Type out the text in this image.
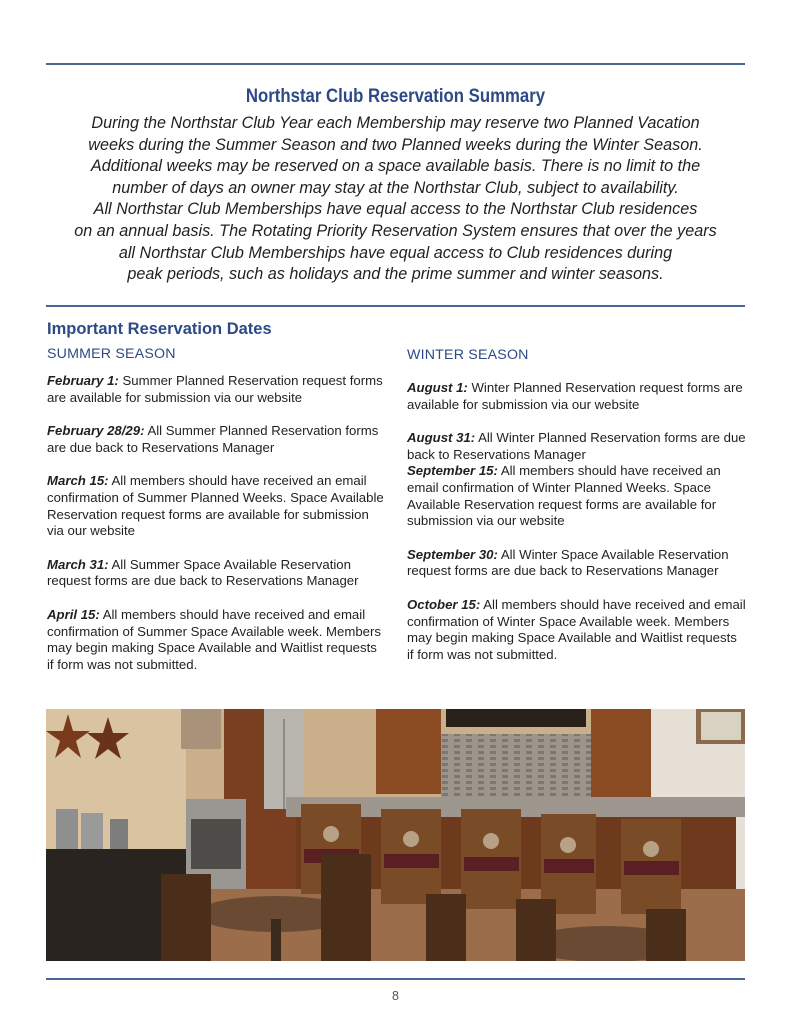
Northstar Club Reservation Summary
During the Northstar Club Year each Membership may reserve two Planned Vacation
weeks during the Summer Season and two Planned weeks during the Winter Season.
Additional weeks may be reserved on a space available basis. There is no limit to the
number of days an owner may stay at the Northstar Club, subject to availability.
All Northstar Club Memberships have equal access to the Northstar Club residences
on an annual basis. The Rotating Priority Reservation System ensures that over the years
all Northstar Club Memberships have equal access to Club residences during
peak periods, such as holidays and the prime summer and winter seasons.
Important Reservation Dates
SUMMER SEASON	WINTER SEASON

February 1: Summer Planned Reservation request forms are available for submission via our website

February 28/29: All Summer Planned Reservation forms are due back to Reservations Manager

March 15: All members should have received an email confirmation of Summer Planned Weeks. Space Available Reservation request forms are available for submission via our website

March 31: All Summer Space Available Reservation request forms are due back to Reservations Manager

April 15: All members should have received and email confirmation of Summer Space Available week. Members may begin making Space Available and Waitlist requests if form was not submitted.

August 1: Winter Planned Reservation request forms are available for submission via our website

August 31: All Winter Planned Reservation forms are due back to Reservations Manager

September 15: All members should have received an email confirmation of Winter Planned Weeks. Space Available Reservation request forms are available for submission via our website

September 30: All Winter Space Available Reservation request forms are due back to Reservations Manager

October 15: All members should have received and email confirmation of Winter Space Available week. Members may begin making Space Available and Waitlist requests if form was not submitted.

8
